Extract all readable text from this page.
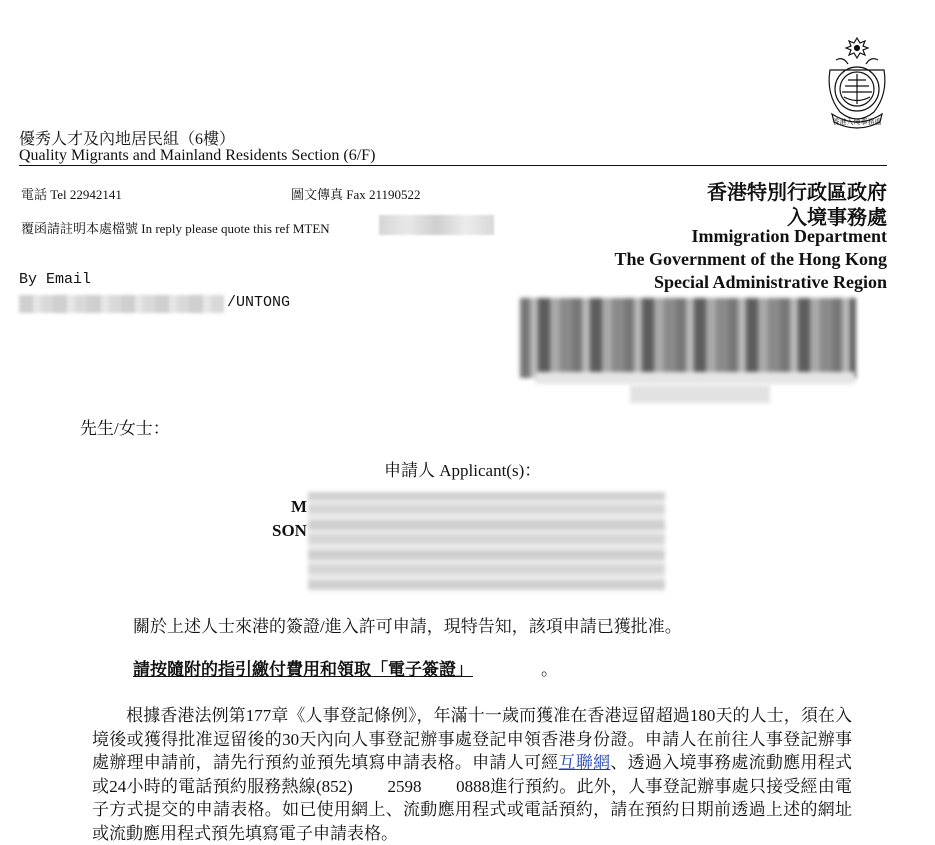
香港入境事務處
優秀人才及內地居民組（6樓）
Quality Migrants and Mainland Residents Section (6/F)
電話 Tel 22942141	圖文傳真 Fax 21190522
覆函請註明本處檔號 In reply please quote this ref MTEN
香港特別行政區政府
入境事務處
Immigration Department
The Government of the Hong Kong
Special Administrative Region
By Email
/UNTONG
先生/女士：
申請人 Applicant(s)：
M
SON
關於上述人士來港的簽證/進入許可申請，現特告知，該項申請已獲批准。
請按隨附的指引繳付費用和領取「電子簽證」	。
　　根據香港法例第177章《人事登記條例》，年滿十一歲而獲准在香港逗留超過180天的人士，須在入境後或獲得批准逗留後的30天內向人事登記辦事處登記申領香港身份證。申請人在前往人事登記辦事處辦理申請前，請先行預約並預先填寫申請表格。申請人可經互聯網、透過入境事務處流動應用程式或24小時的電話預約服務熱線(852)　　2598　　0888進行預約。此外，人事登記辦事處只接受經由電子方式提交的申請表格。如已使用網上、流動應用程式或電話預約，請在預約日期前透過上述的網址或流動應用程式預先填寫電子申請表格。
